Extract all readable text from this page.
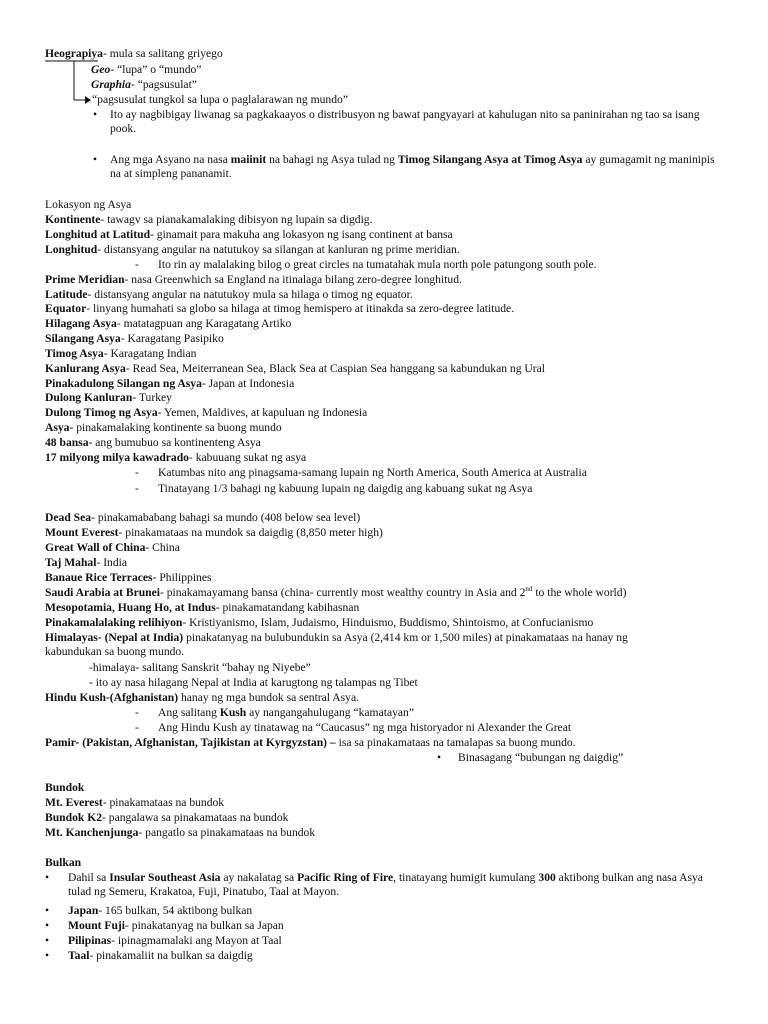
Heograpiya- mula sa salitang griyego
Geo- “lupa” o “mundo”
Graphia- “pagsusulat”
“pagsusulat tungkol sa lupa o paglalarawan ng mundo”
• Ito ay nagbibigay liwanag sa pagkakaayos o distribusyon ng bawat pangyayari at kahulugan nito sa paninirahan ng tao sa isang pook.
• Ang mga Asyano na nasa maiinit na bahagi ng Asya tulad ng Timog Silangang Asya at Timog Asya ay gumagamit ng maninipis na at simpleng pananamit.
Lokasyon ng Asya
Kontinente- tawagv sa pianakamalaking dibisyon ng lupain sa digdig.
Longhitud at Latitud- ginamait para makuha ang lokasyon ng isang continent at bansa
Longhitud- distansyang angular na natutukoy sa silangan at kanluran ng prime meridian.
- Ito rin ay malalaking bilog o great circles na tumatahak mula north pole patungong south pole.
Prime Meridian- nasa Greenwhich sa England na itinalaga bilang zero-degree longhitud.
Latitude- distansyang angular na natutukoy mula sa hilaga o timog ng equator.
Equator- linyang humahati sa globo sa hilaga at timog hemispero at itinakda sa zero-degree latitude.
Hilagang Asya- matatagpuan ang Karagatang Artiko
Silangang Asya- Karagatang Pasipiko
Timog Asya- Karagatang Indian
Kanlurang Asya- Read Sea, Meiterranean Sea, Black Sea at Caspian Sea hanggang sa kabundukan ng Ural
Pinakadulong Silangan ng Asya- Japan at Indonesia
Dulong Kanluran- Turkey
Dulong Timog ng Asya- Yemen, Maldives, at kapuluan ng Indonesia
Asya- pinakamalaking kontinente sa buong mundo
48 bansa- ang bumubuo sa kontinenteng Asya
17 milyong milya kawadrado- kabuuang sukat ng asya
- Katumbas nito ang pinagsama-samang lupain ng North America, South America at Australia
- Tinatayang 1/3 bahagi ng kabuung lupain ng daigdig ang kabuang sukat ng Asya
Dead Sea- pinakamababang bahagi sa mundo (408 below sea level)
Mount Everest- pinakamataas na mundok sa daigdig (8,850 meter high)
Great Wall of China- China
Taj Mahal- India
Banaue Rice Terraces- Philippines
Saudi Arabia at Brunei- pinakamayamang bansa (china- currently most wealthy country in Asia and 2nd to the whole world)
Mesopotamia, Huang Ho, at Indus- pinakamatandang kabihasnan
Pinakamalalaking relihiyon- Kristiyanismo, Islam, Judaismo, Hinduismo, Buddismo, Shintoismo, at Confucianismo
Himalayas- (Nepal at India) pinakatanyag na bulubundukin sa Asya (2,414 km or 1,500 miles) at pinakamataas na hanay ng kabundukan sa buong mundo.
-himalaya- salitang Sanskrit “bahay ng Niyebe”
- ito ay nasa hilagang Nepal at India at karugtong ng talampas ng Tibet
Hindu Kush-(Afghanistan) hanay ng mga bundok sa sentral Asya.
- Ang salitang Kush ay nangangahulugang “kamatayan”
- Ang Hindu Kush ay tinatawag na “Caucasus” ng mga historyador ni Alexander the Great
Pamir- (Pakistan, Afghanistan, Tajikistan at Kyrgyzstan) – isa sa pinakamataas na tamalapas sa buong mundo.
• Binasagang “bubungan ng daigdig”
Bundok
Mt. Everest- pinakamataas na bundok
Bundok K2- pangalawa sa pinakamataas na bundok
Mt. Kanchenjunga- pangatlo sa pinakamataas na bundok
Bulkan
• Dahil sa Insular Southeast Asia ay nakalatag sa Pacific Ring of Fire, tinatayang humigit kumulang 300 aktibong bulkan ang nasa Asya tulad ng Semeru, Krakatoa, Fuji, Pinatubo, Taal at Mayon.
• Japan- 165 bulkan, 54 aktibong bulkan
• Mount Fuji- pinakatanyag na bulkan sa Japan
• Pilipinas- ipinagmamalaki ang Mayon at Taal
• Taal- pinakamaliit na bulkan sa daigdig
